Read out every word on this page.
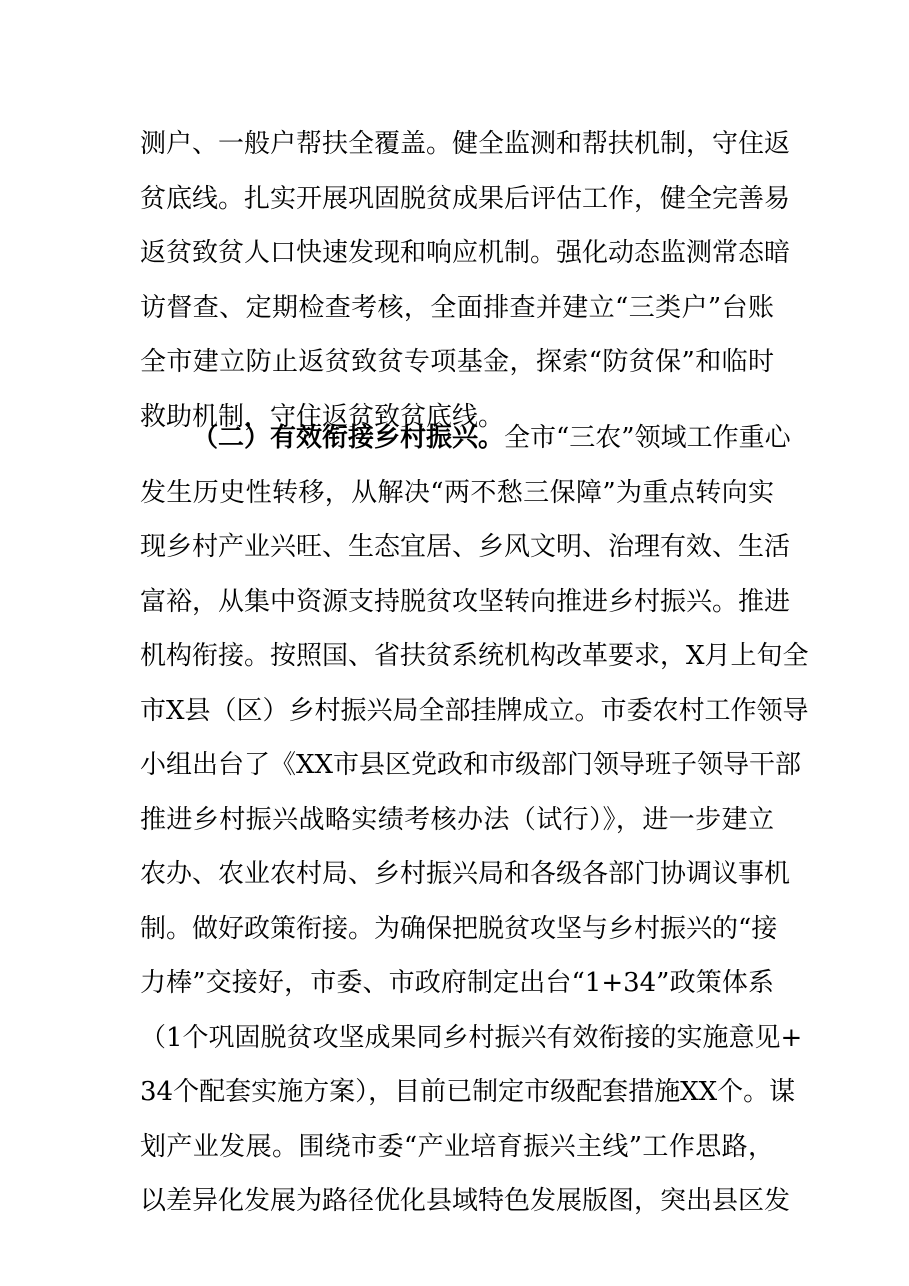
测户、一般户帮扶全覆盖。健全监测和帮扶机制，守住返
贫底线。扎实开展巩固脱贫成果后评估工作，健全完善易
返贫致贫人口快速发现和响应机制。强化动态监测常态暗
访督查、定期检查考核，全面排查并建立“三类户”台账
全市建立防止返贫致贫专项基金，探索“防贫保”和临时
救助机制，守住返贫致贫底线。
（二）有效衔接乡村振兴。全市“三农”领域工作重心
发生历史性转移，从解决“两不愁三保障”为重点转向实
现乡村产业兴旺、生态宜居、乡风文明、治理有效、生活
富裕，从集中资源支持脱贫攻坚转向推进乡村振兴。推进
机构衔接。按照国、省扶贫系统机构改革要求，X月上旬全
市X县（区）乡村振兴局全部挂牌成立。市委农村工作领导
小组出台了《XX市县区党政和市级部门领导班子领导干部
推进乡村振兴战略实绩考核办法（试行）》，进一步建立
农办、农业农村局、乡村振兴局和各级各部门协调议事机
制。做好政策衔接。为确保把脱贫攻坚与乡村振兴的“接
力棒”交接好，市委、市政府制定出台“1+34”政策体系
（1个巩固脱贫攻坚成果同乡村振兴有效衔接的实施意见+
34个配套实施方案），目前已制定市级配套措施XX个。谋
划产业发展。围绕市委“产业培育振兴主线”工作思路，
以差异化发展为路径优化县域特色发展版图，突出县区发
